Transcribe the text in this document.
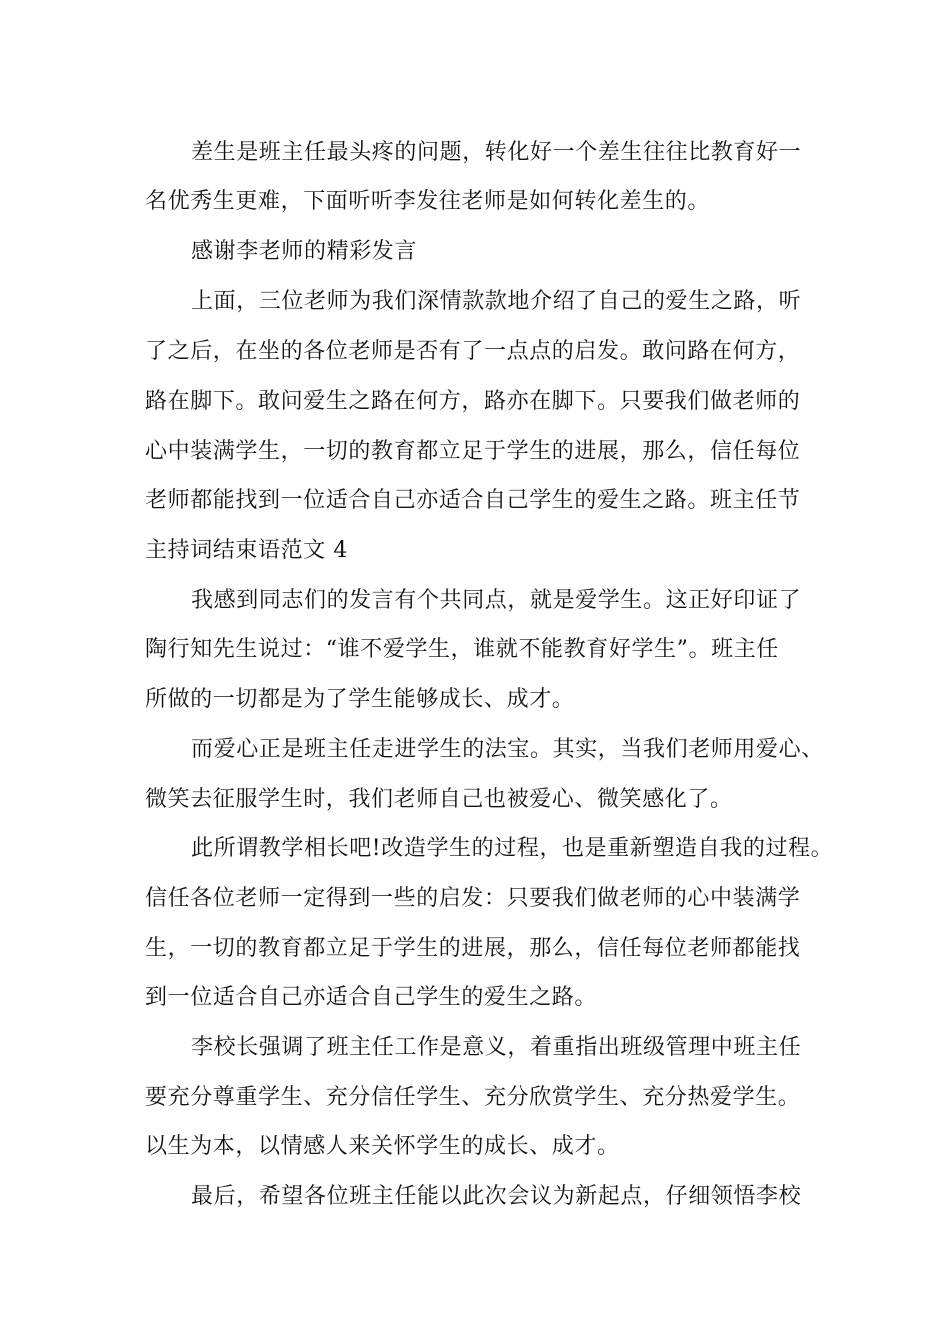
差生是班主任最头疼的问题，转化好一个差生往往比教育好一
名优秀生更难，下面听听李发往老师是如何转化差生的。
感谢李老师的精彩发言
上面，三位老师为我们深情款款地介绍了自己的爱生之路，听
了之后，在坐的各位老师是否有了一点点的启发。敢问路在何方，
路在脚下。敢问爱生之路在何方，路亦在脚下。只要我们做老师的
心中装满学生，一切的教育都立足于学生的进展，那么，信任每位
老师都能找到一位适合自己亦适合自己学生的爱生之路。班主任节
主持词结束语范文 4
我感到同志们的发言有个共同点，就是爱学生。这正好印证了
陶行知先生说过：“谁不爱学生，谁就不能教育好学生”。班主任
所做的一切都是为了学生能够成长、成才。
而爱心正是班主任走进学生的法宝。其实，当我们老师用爱心、
微笑去征服学生时，我们老师自己也被爱心、微笑感化了。
此所谓教学相长吧!改造学生的过程，也是重新塑造自我的过程。
信任各位老师一定得到一些的启发：只要我们做老师的心中装满学
生，一切的教育都立足于学生的进展，那么，信任每位老师都能找
到一位适合自己亦适合自己学生的爱生之路。
李校长强调了班主任工作是意义，着重指出班级管理中班主任
要充分尊重学生、充分信任学生、充分欣赏学生、充分热爱学生。
以生为本，以情感人来关怀学生的成长、成才。
最后，希望各位班主任能以此次会议为新起点，仔细领悟李校
